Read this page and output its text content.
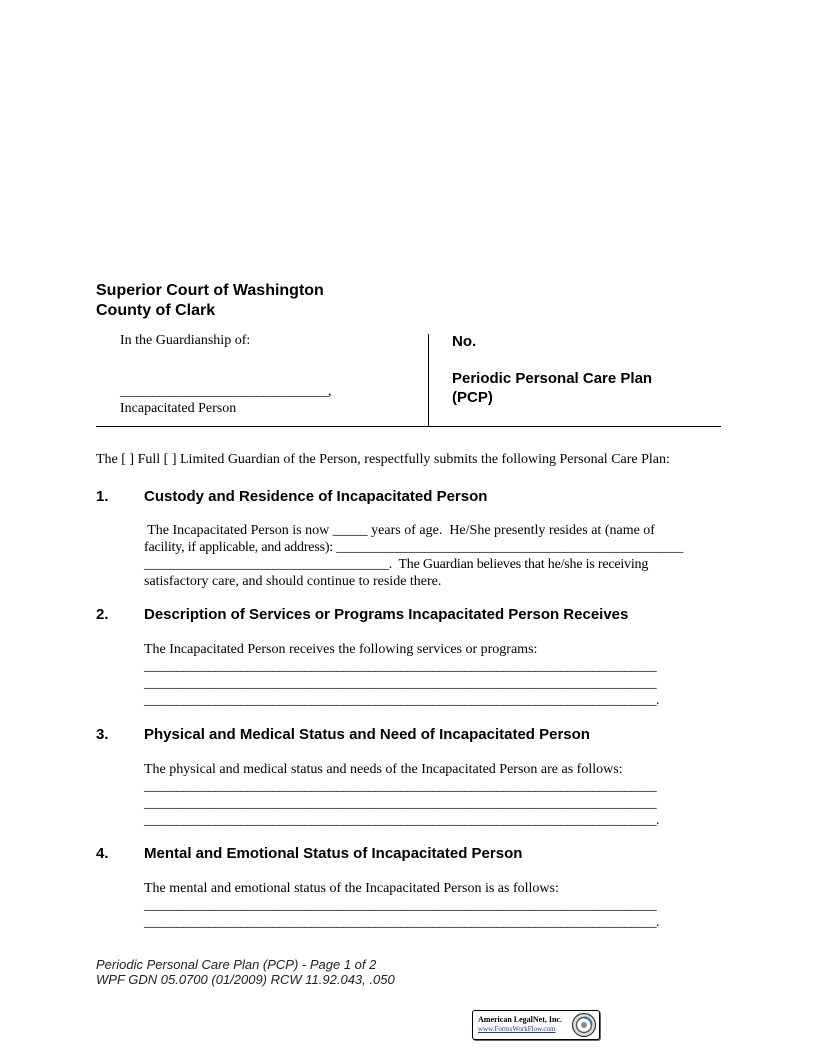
Superior Court of Washington
County of Clark
In the Guardianship of:
________________________________,
Incapacitated Person
No.
Periodic Personal Care Plan
(PCP)
The [ ] Full [ ] Limited Guardian of the Person, respectfully submits the following Personal Care Plan:
1. Custody and Residence of Incapacitated Person
The Incapacitated Person is now _____ years of age.  He/She presently resides at (name of
facility, if applicable, and address): ___________________________________________________
____________________________________.  The Guardian believes that he/she is receiving
satisfactory care, and should continue to reside there.
2. Description of Services or Programs Incapacitated Person Receives
The Incapacitated Person receives the following services or programs:
________________________________________________________________________________
________________________________________________________________________________
________________________________________________________________________________.
3. Physical and Medical Status and Need of Incapacitated Person
The physical and medical status and needs of the Incapacitated Person are as follows:
________________________________________________________________________________
________________________________________________________________________________
________________________________________________________________________________.
4. Mental and Emotional Status of Incapacitated Person
The mental and emotional status of the Incapacitated Person is as follows:
________________________________________________________________________________
________________________________________________________________________________.
Periodic Personal Care Plan (PCP) - Page 1 of 2
WPF GDN 05.0700 (01/2009) RCW 11.92.043, .050
American LegalNet, Inc.
www.FormsWorkFlow.com
